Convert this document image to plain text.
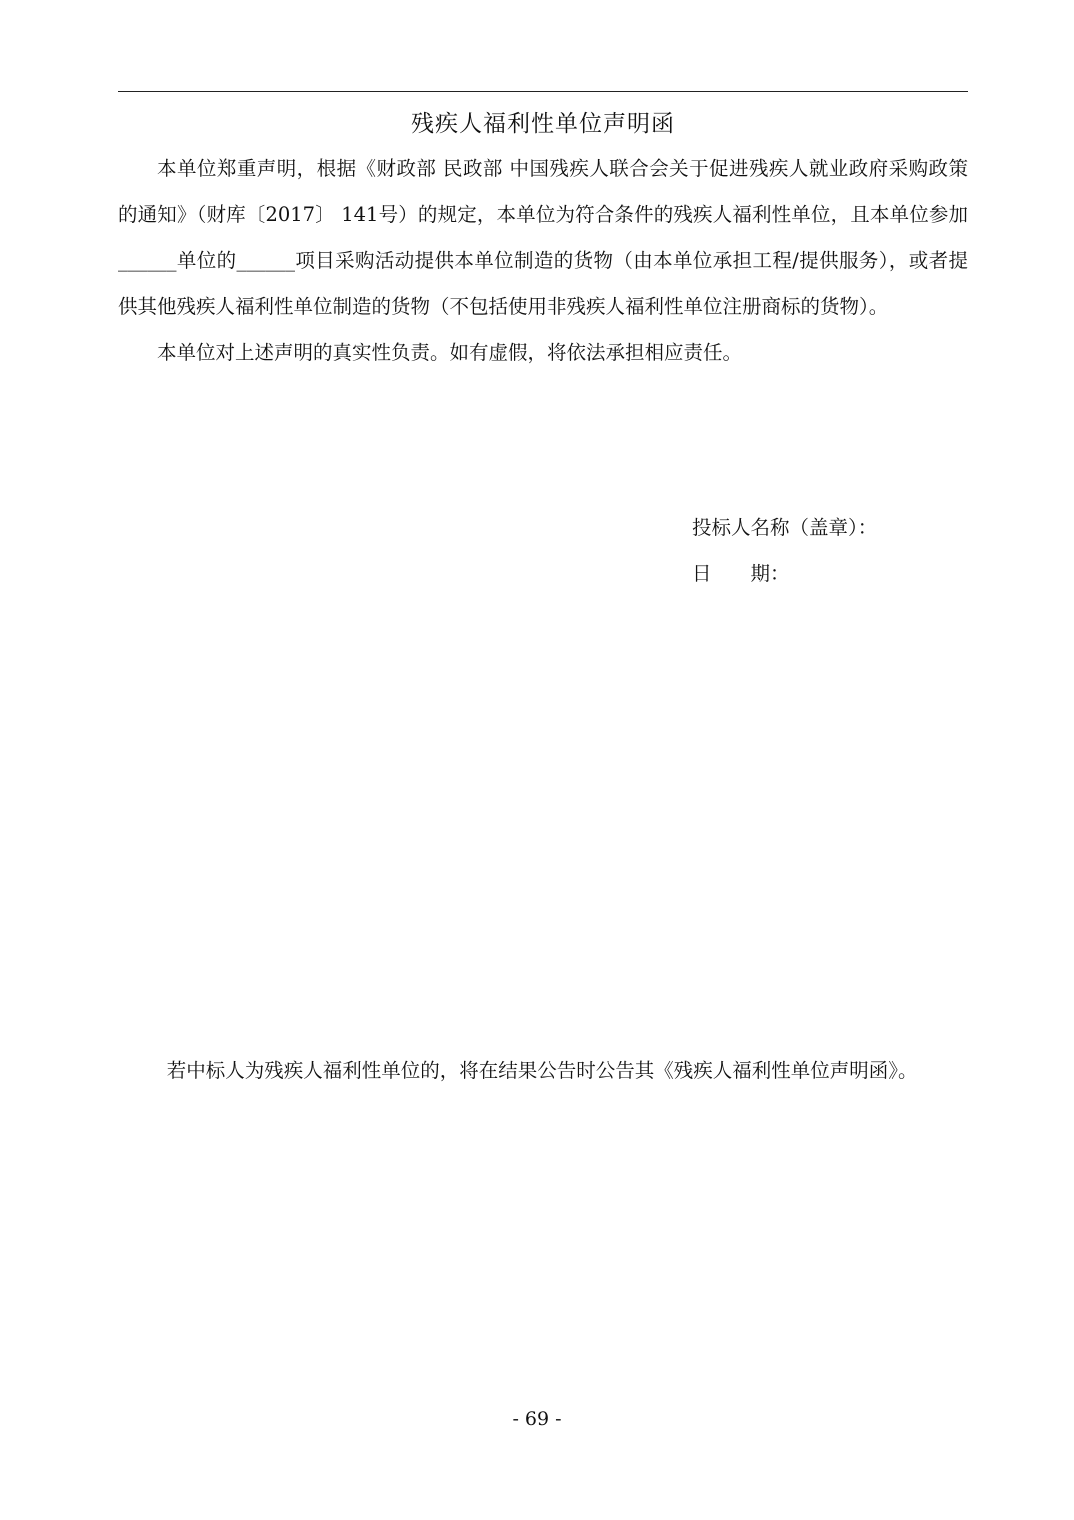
残疾人福利性单位声明函

本单位郑重声明，根据《财政部 民政部 中国残疾人联合会关于促进残疾人就业政府采购政策的通知》（财库〔2017〕 141号）的规定，本单位为符合条件的残疾人福利性单位，且本单位参加______单位的______项目采购活动提供本单位制造的货物（由本单位承担工程/提供服务），或者提供其他残疾人福利性单位制造的货物（不包括使用非残疾人福利性单位注册商标的货物）。

本单位对上述声明的真实性负责。如有虚假，将依法承担相应责任。

投标人名称（盖章）：
日　　期：

若中标人为残疾人福利性单位的，将在结果公告时公告其《残疾人福利性单位声明函》。

- 69 -
